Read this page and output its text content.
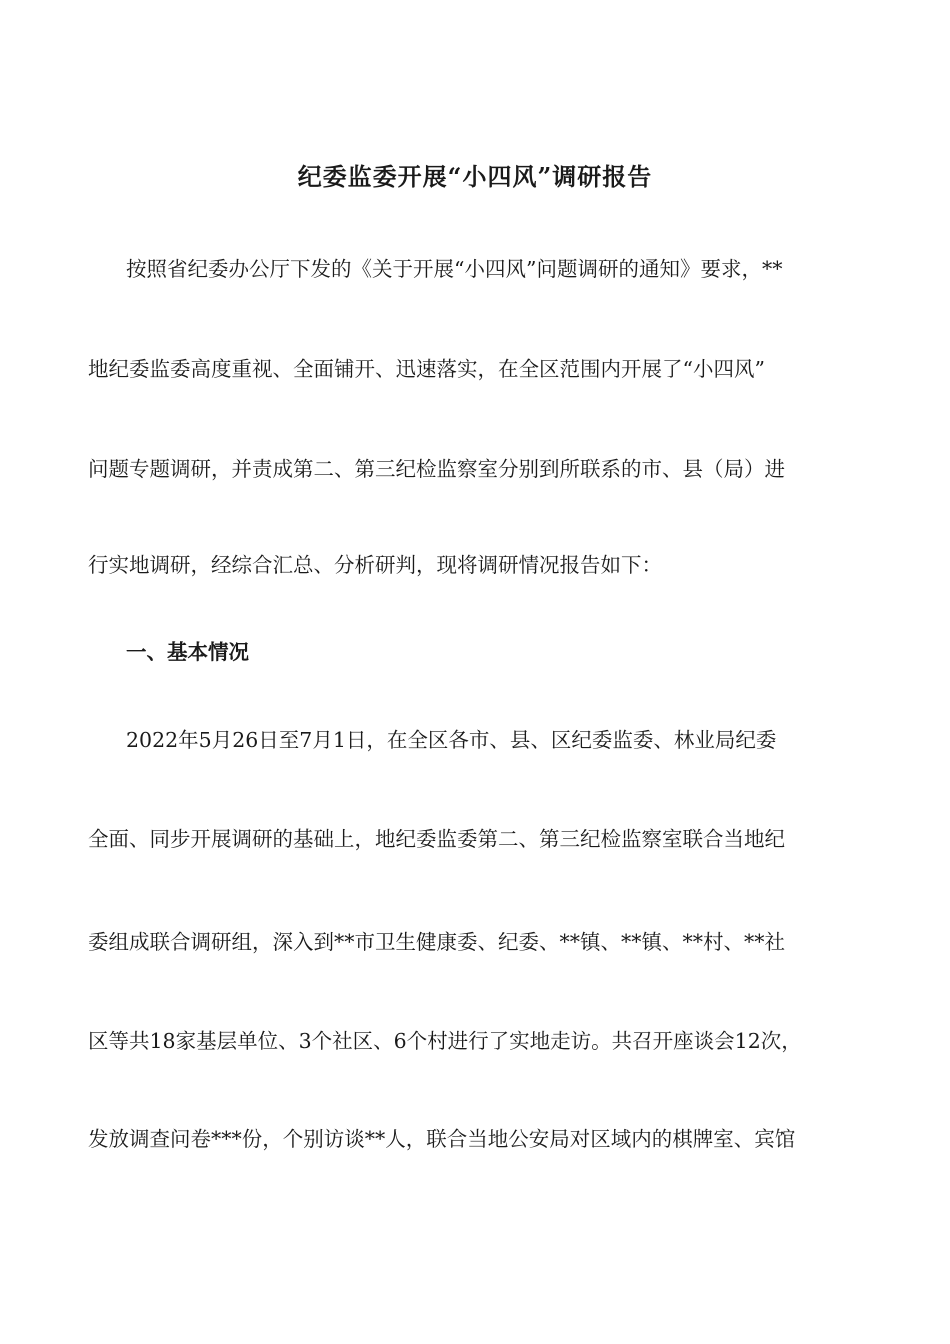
纪委监委开展“小四风”调研报告
按照省纪委办公厅下发的《关于开展“小四风”问题调研的通知》要求，**
地纪委监委高度重视、全面铺开、迅速落实，在全区范围内开展了“小四风”
问题专题调研，并责成第二、第三纪检监察室分别到所联系的市、县（局）进
行实地调研，经综合汇总、分析研判，现将调研情况报告如下：
一、基本情况
2022年5月26日至7月1日，在全区各市、县、区纪委监委、林业局纪委
全面、同步开展调研的基础上，地纪委监委第二、第三纪检监察室联合当地纪
委组成联合调研组，深入到**市卫生健康委、纪委、**镇、**镇、**村、**社
区等共18家基层单位、3个社区、6个村进行了实地走访。共召开座谈会12次，
发放调查问卷***份，个别访谈**人，联合当地公安局对区域内的棋牌室、宾馆
